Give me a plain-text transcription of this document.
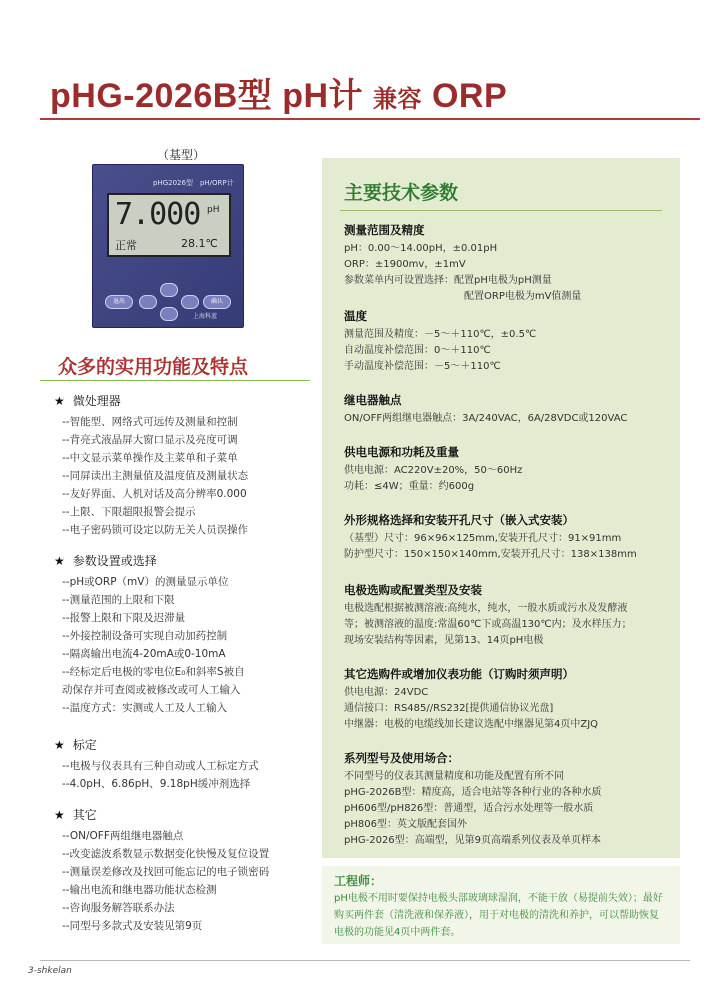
pHG-2026B型 pH计 兼容 ORP
（基型）
pHG2026型　pH/ORP计
7.000 pH
正常	28.1℃
退出	确认
上海科蓝
众多的实用功能及特点
★ 微处理器
--智能型、网络式可远传及测量和控制
--背亮式液晶屏大窗口显示及亮度可调
--中文显示菜单操作及主菜单和子菜单
--同屏读出主测量值及温度值及测量状态
--友好界面、人机对话及高分辨率0.000
--上限、下限超限报警会提示
--电子密码锁可设定以防无关人员误操作
★ 参数设置或选择
--pH或ORP（mV）的测量显示单位
--测量范围的上限和下限
--报警上限和下限及迟滞量
--外接控制设备可实现自动加药控制
--隔离输出电流4-20mA或0-10mA
--经标定后电极的零电位E₀和斜率S被自
动保存并可查阅或被修改或可人工输入
--温度方式：实测或人工及人工输入
★ 标定
--电极与仪表具有三种自动或人工标定方式
--4.0pH、6.86pH、9.18pH缓冲剂选择
★ 其它
--ON/OFF两组继电器触点
--改变滤波系数显示数据变化快慢及复位设置
--测量误差修改及找回可能忘记的电子锁密码
--输出电流和继电器功能状态检测
--咨询服务解答联系办法
--同型号多款式及安装见第9页
主要技术参数
测量范围及精度
pH：0.00～14.00pH，±0.01pH
ORP：±1900mv，±1mV
参数菜单内可设置选择：配置pH电极为pH测量
　　　　　　　　　　　　配置ORP电极为mV值测量
温度
测量范围及精度：－5～＋110℃，±0.5℃
自动温度补偿范围：0～＋110℃
手动温度补偿范围：－5～＋110℃
继电器触点
ON/OFF两组继电器触点：3A/240VAC，6A/28VDC或120VAC
供电电源和功耗及重量
供电电源：AC220V±20%，50～60Hz
功耗：≤4W；重量：约600g
外形规格选择和安装开孔尺寸（嵌入式安装）
（基型）尺寸：96×96×125mm,安装开孔尺寸：91×91mm
防护型尺寸：150×150×140mm,安装开孔尺寸：138×138mm
电极选购或配置类型及安装
电极选配根据被测溶液:高纯水，纯水，一般水质或污水及发酵液
等；被测溶液的温度:常温60℃下或高温130℃内；及水样压力；
现场安装结构等因素，见第13、14页pH电极
其它选购件或增加仪表功能（订购时须声明）
供电电源：24VDC
通信接口：RS485//RS232[提供通信协议光盘]
中继器：电极的电缆线加长建议选配中继器见第4页中ZJQ
系列型号及使用场合：
不同型号的仪表其测量精度和功能及配置有所不同
pHG-2026B型：精度高，适合电站等各种行业的各种水质
pH606型/pH826型：普通型，适合污水处理等一般水质
pH806型：英文版配套国外
pHG-2026型：高端型，见第9页高端系列仪表及单页样本
工程师：
pH电极不用时要保持电极头部玻璃球湿润，不能干放（易提前失效）；最好购买两件套（清洗液和保养液），用于对电极的清洗和养护，可以帮助恢复电极的功能见4页中两件套。
3-shkelan
